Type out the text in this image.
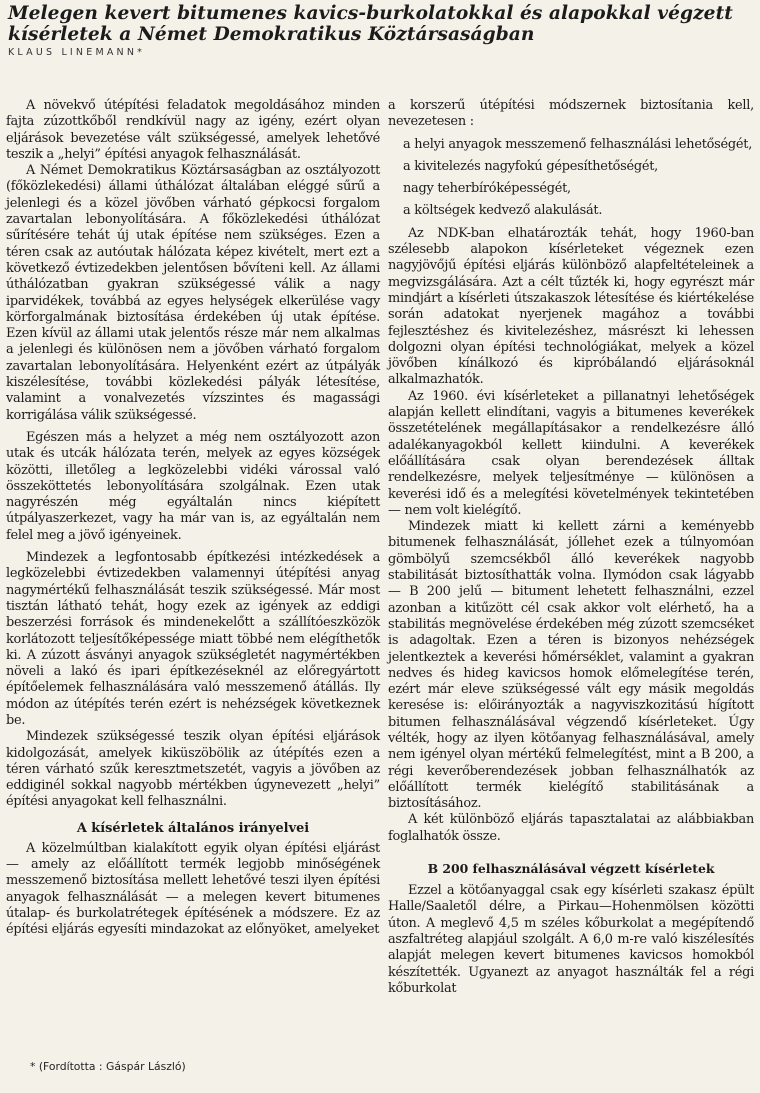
Melegen kevert bitumenes kavics-burkolatokkal és alapokkal végzett kísérletek a Német Demokratikus Köztársaságban
KLAUS LINEMANN*

A növekvő útépítési feladatok megoldásához minden fajta zúzottkőből rendkívül nagy az igény, ezért olyan eljárások bevezetése vált szükségessé, amelyek lehetővé teszik a „helyi” építési anyagok felhasználását.

A Német Demokratikus Köztársaságban az osztályozott (főközlekedési) állami úthálózat általában eléggé sűrű a jelenlegi és a közel jövőben várható gépkocsi forgalom zavartalan lebonyolítására. A főközlekedési úthálózat sűrítésére tehát új utak építése nem szükséges. Ezen a téren csak az autóutak hálózata képez kivételt, mert ezt a következő évtizedekben jelentősen bővíteni kell. Az állami úthálózatban gyakran szükségessé válik a nagy iparvidékek, továbbá az egyes helységek elkerülése vagy körforgalmának biztosítása érdekében új utak építése. Ezen kívül az állami utak jelentős része már nem alkalmas a jelenlegi és különösen nem a jövőben várható forgalom zavartalan lebonyolítására. Helyenként ezért az útpályák kiszélesítése, további közlekedési pályák létesítése, valamint a vonalvezetés vízszintes és magassági korrigálása válik szükségessé.

Egészen más a helyzet a még nem osztályozott azon utak és utcák hálózata terén, melyek az egyes községek közötti, illetőleg a legközelebbi vidéki várossal való összeköttetés lebonyolítására szolgálnak. Ezen utak nagyrészén még egyáltalán nincs kiépített útpályaszerkezet, vagy ha már van is, az egyáltalán nem felel meg a jövő igényeinek.

Mindezek a legfontosabb építkezési intézkedések a legközelebbi évtizedekben valamennyi útépítési anyag nagymértékű felhasználását teszik szükségessé. Már most tisztán látható tehát, hogy ezek az igények az eddigi beszerzési források és mindenekelőtt a szállítóeszközök korlátozott teljesítőképessége miatt többé nem elégíthetők ki. A zúzott ásványi anyagok szükségletét nagymértékben növeli a lakó és ipari építkezéseknél az előregyártott építőelemek felhasználására való messzemenő átállás. Ily módon az útépítés terén ezért is nehézségek következnek be.

Mindezek szükségessé teszik olyan építési eljárások kidolgozását, amelyek kiküszöbölik az útépítés ezen a téren várható szűk keresztmetszetét, vagyis a jövőben az eddiginél sokkal nagyobb mértékben úgynevezett „helyi” építési anyagokat kell felhasználni.

A kísérletek általános irányelvei

A közelmúltban kialakított egyik olyan építési eljárást — amely az előállított termék legjobb minőségének messzemenő biztosítása mellett lehetővé teszi ilyen építési anyagok felhasználását — a melegen kevert bitumenes útalap- és burkolatrétegek építésének a módszere. Ez az építési eljárás egyesíti mindazokat az előnyöket, amelyeket

a korszerű útépítési módszernek biztosítania kell, nevezetesen :

a helyi anyagok messzemenő felhasználási lehetőségét,
a kivitelezés nagyfokú gépesíthetőségét,
nagy teherbíróképességét,
a költségek kedvező alakulását.

Az NDK-ban elhatározták tehát, hogy 1960-ban szélesebb alapokon kísérleteket végeznek ezen nagyjövőjű építési eljárás különböző alapfeltételeinek a megvizsgálására. Azt a célt tűzték ki, hogy egyrészt már mindjárt a kísérleti útszakaszok létesítése és kiértékelése során adatokat nyerjenek magához a további fejlesztéshez és kivitelezéshez, másrészt ki lehessen dolgozni olyan építési technológiákat, melyek a közel jövőben kínálkozó és kipróbálandó eljárásoknál alkalmazhatók.

Az 1960. évi kísérleteket a pillanatnyi lehetőségek alapján kellett elindítani, vagyis a bitumenes keverékek összetételének megállapításakor a rendelkezésre álló adalékanyagokból kellett kiindulni. A keverékek előállítására csak olyan berendezések álltak rendelkezésre, melyek teljesítménye — különösen a keverési idő és a melegítési követelmények tekintetében — nem volt kielégítő.

Mindezek miatt ki kellett zárni a keményebb bitumenek felhasználását, jóllehet ezek a túlnyomóan gömbölyű szemcsékből álló keverékek nagyobb stabilitását biztosíthatták volna. Ilymódon csak lágyabb — B 200 jelű — bitument lehetett felhasználni, ezzel azonban a kitűzött cél csak akkor volt elérhető, ha a stabilitás megnövelése érdekében még zúzott szemcséket is adagoltak. Ezen a téren is bizonyos nehézségek jelentkeztek a keverési hőmérséklet, valamint a gyakran nedves és hideg kavicsos homok előmelegítése terén, ezért már eleve szükségessé vált egy másik megoldás keresése is: előirányozták a nagyviszkozitású hígított bitumen felhasználásával végzendő kísérleteket. Úgy vélték, hogy az ilyen kötőanyag felhasználásával, amely nem igényel olyan mértékű felmelegítést, mint a B 200, a régi keverőberendezések jobban felhasználhatók az előállított termék kielégítő stabilitásának a biztosításához.

A két különböző eljárás tapasztalatai az alábbiakban foglalhatók össze.

B 200 felhasználásával végzett kísérletek

Ezzel a kötőanyaggal csak egy kísérleti szakasz épült Halle/Saaletől délre, a Pirkau—Hohenmölsen közötti úton. A meglevő 4,5 m széles kőburkolat a megépítendő aszfaltréteg alapjául szolgált. A 6,0 m-re való kiszélesítés alapját melegen kevert bitumenes kavicsos homokból készítették. Ugyanezt az anyagot használták fel a régi kőburkolat

* (Fordította : Gáspár László)
